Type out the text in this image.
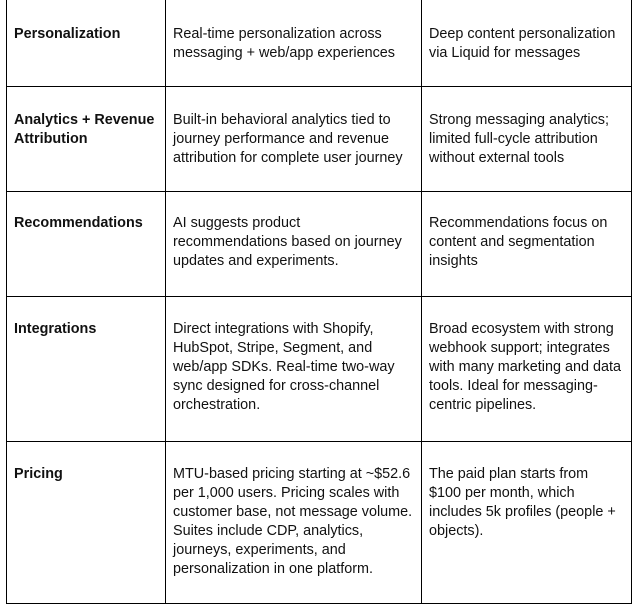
Personalization	Real-time personalization across messaging + web/app experiences	Deep content personalization via Liquid for messages

Analytics + Revenue Attribution	Built-in behavioral analytics tied to journey performance and revenue attribution for complete user journey	Strong messaging analytics; limited full-cycle attribution without external tools

Recommendations	AI suggests product recommendations based on journey updates and experiments.	Recommendations focus on content and segmentation insights

Integrations	Direct integrations with Shopify, HubSpot, Stripe, Segment, and web/app SDKs. Real-time two-way sync designed for cross-channel orchestration.	Broad ecosystem with strong webhook support; integrates with many marketing and data tools. Ideal for messaging-centric pipelines.

Pricing	MTU-based pricing starting at ~$52.6 per 1,000 users. Pricing scales with customer base, not message volume. Suites include CDP, analytics, journeys, experiments, and personalization in one platform.	The paid plan starts from $100 per month, which includes 5k profiles (people + objects).
